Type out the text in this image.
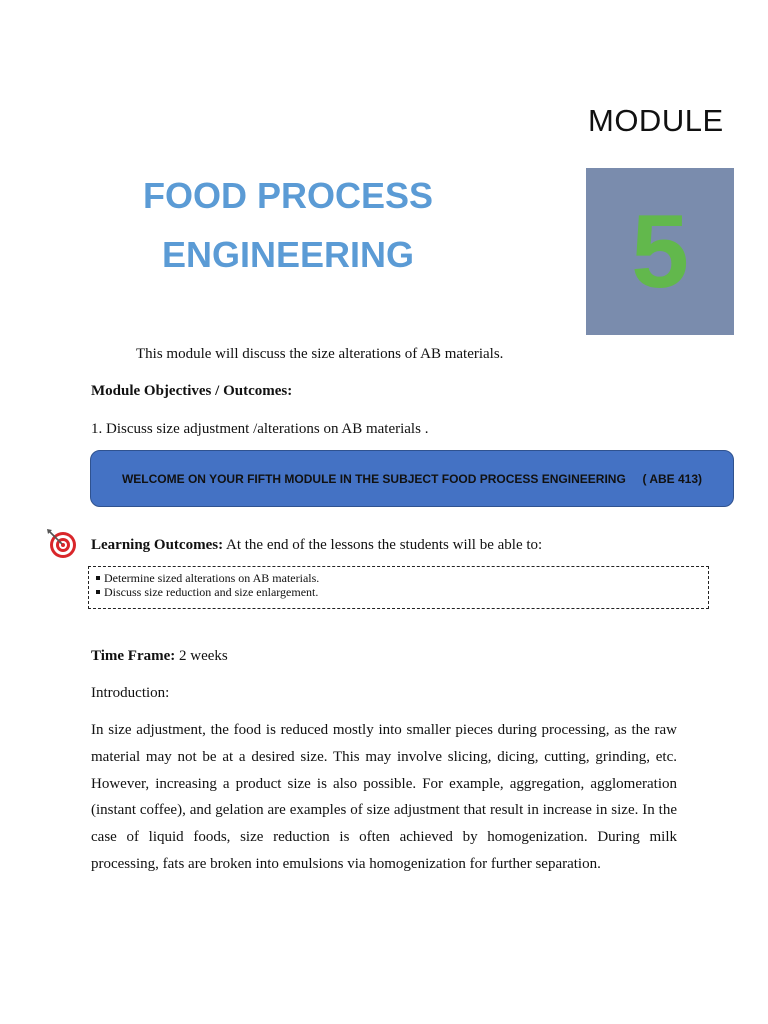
MODULE
5
FOOD PROCESS
ENGINEERING
This module will discuss the size alterations of AB materials.
Module Objectives / Outcomes:
1. Discuss size adjustment /alterations on AB materials .
WELCOME ON YOUR FIFTH MODULE IN THE SUBJECT FOOD PROCESS ENGINEERING     ( ABE 413)
Learning Outcomes: At the end of the lessons the students will be able to:
Determine sized alterations on AB materials.
Discuss size reduction and size enlargement.
Time Frame: 2 weeks
Introduction:
In size adjustment, the food is reduced mostly into smaller pieces during processing, as the raw material may not be at a desired size. This may involve slicing, dicing, cutting, grinding, etc. However, increasing a product size is also possible. For example, aggregation, agglomeration (instant coffee), and gelation are examples of size adjustment that result in increase in size. In the case of liquid foods, size reduction is often achieved by homogenization. During milk processing, fats are broken into emulsions via homogenization for further separation.
